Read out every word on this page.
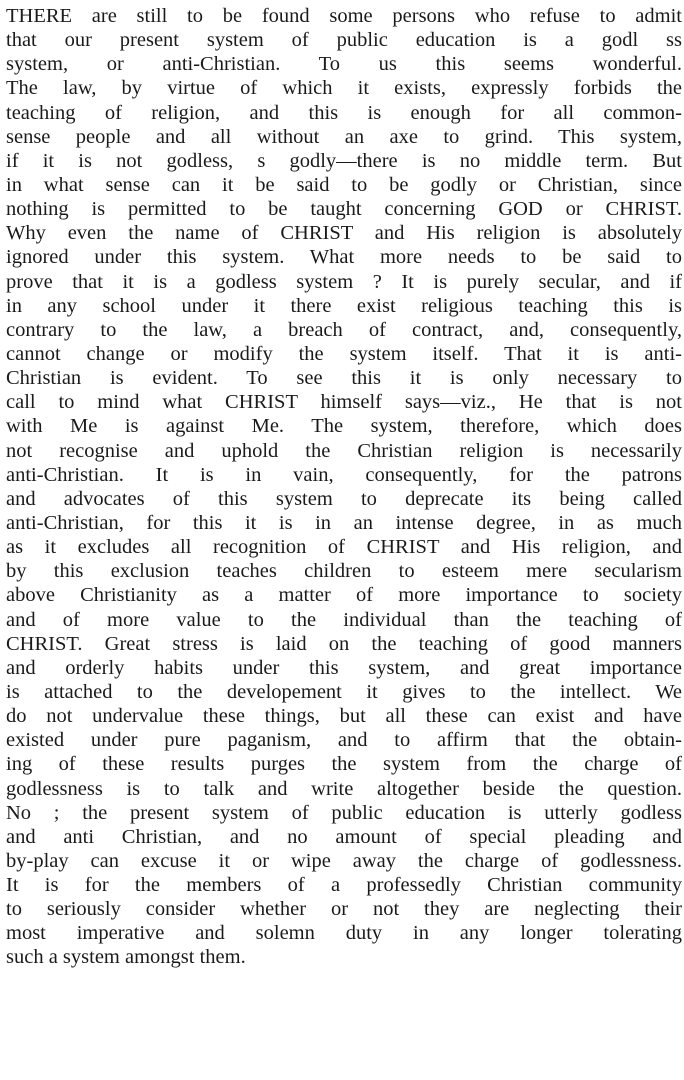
THERE are still to be found some persons who refuse to admit
that our present system of public education is a godl ss
system, or anti-Christian. To us this seems wonderful.
The law, by virtue of which it exists, expressly forbids the
teaching of religion, and this is enough for all common-
sense people and all without an axe to grind. This system,
if it is not godless, s godly—there is no middle term. But
in what sense can it be said to be godly or Christian, since
nothing is permitted to be taught concerning GOD or CHRIST.
Why even the name of CHRIST and His religion is absolutely
ignored under this system. What more needs to be said to
prove that it is a godless system ? It is purely secular, and if
in any school under it there exist religious teaching this is
contrary to the law, a breach of contract, and, consequently,
cannot change or modify the system itself. That it is anti-
Christian is evident. To see this it is only necessary to
call to mind what CHRIST himself says—viz., He that is not
with Me is against Me. The system, therefore, which does
not recognise and uphold the Christian religion is necessarily
anti-Christian. It is in vain, consequently, for the patrons
and advocates of this system to deprecate its being called
anti-Christian, for this it is in an intense degree, in as much
as it excludes all recognition of CHRIST and His religion, and
by this exclusion teaches children to esteem mere secularism
above Christianity as a matter of more importance to society
and of more value to the individual than the teaching of
CHRIST. Great stress is laid on the teaching of good manners
and orderly habits under this system, and great importance
is attached to the developement it gives to the intellect. We
do not undervalue these things, but all these can exist and have
existed under pure paganism, and to affirm that the obtain-
ing of these results purges the system from the charge of
godlessness is to talk and write altogether beside the question.
No ; the present system of public education is utterly godless
and anti Christian, and no amount of special pleading and
by-play can excuse it or wipe away the charge of godlessness.
It is for the members of a professedly Christian community
to seriously consider whether or not they are neglecting their
most imperative and solemn duty in any longer tolerating
such a system amongst them.
